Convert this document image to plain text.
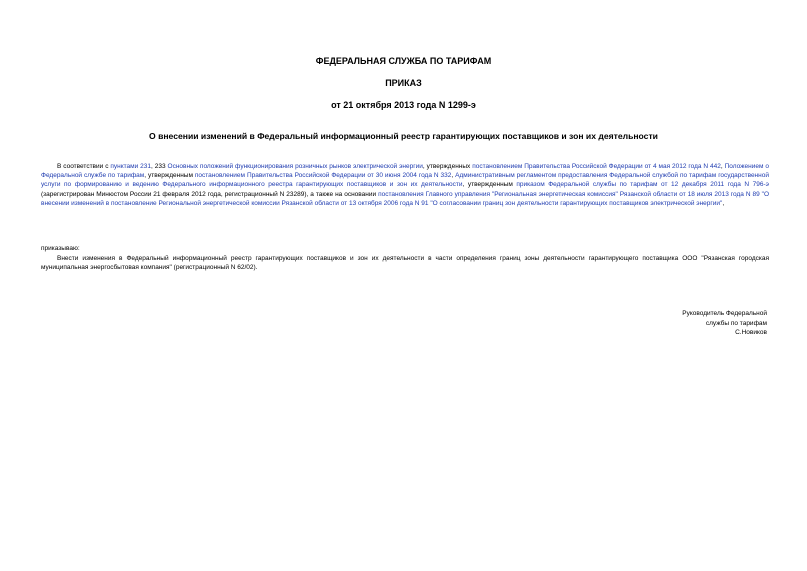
ФЕДЕРАЛЬНАЯ СЛУЖБА ПО ТАРИФАМ
ПРИКАЗ
от 21 октября 2013 года N 1299-э
О внесении изменений в Федеральный информационный реестр гарантирующих поставщиков и зон их деятельности

В соответствии с пунктами 231, 233 Основных положений функционирования розничных рынков электрической энергии, утвержденных постановлением Правительства Российской Федерации от 4 мая 2012 года N 442, Положением о Федеральной службе по тарифам, утвержденным постановлением Правительства Российской Федерации от 30 июня 2004 года N 332, Административным регламентом предоставления Федеральной службой по тарифам государственной услуги по формированию и ведению Федерального информационного реестра гарантирующих поставщиков и зон их деятельности, утвержденным приказом Федеральной службы по тарифам от 12 декабря 2011 года N 796-э (зарегистрирован Минюстом России 21 февраля 2012 года, регистрационный N 23289), а также на основании постановления Главного управления "Региональная энергетическая комиссия" Рязанской области от 18 июля 2013 года N 89 "О внесении изменений в постановление Региональной энергетической комиссии Рязанской области от 13 октября 2006 года N 91 "О согласовании границ зон деятельности гарантирующих поставщиков электрической энергии",

приказываю:

Внести изменения в Федеральный информационный реестр гарантирующих поставщиков и зон их деятельности в части определения границ зоны деятельности гарантирующего поставщика ООО "Рязанская городская муниципальная энергосбытовая компания" (регистрационный N 62/02).

Руководитель Федеральной
службы по тарифам
С.Новиков
